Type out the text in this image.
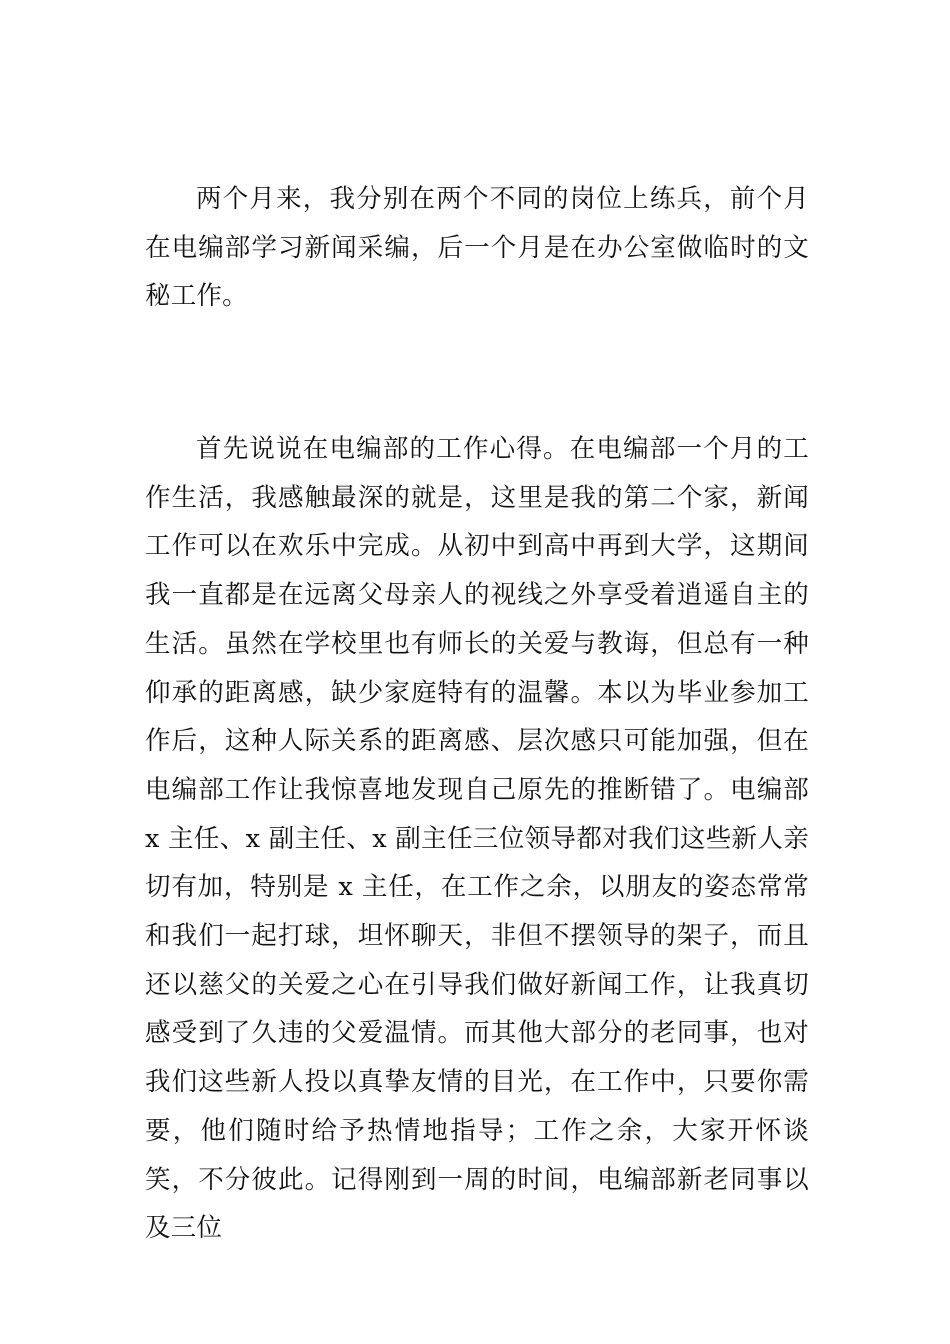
两个月来，我分别在两个不同的岗位上练兵，前个月在电编部学习新闻采编，后一个月是在办公室做临时的文秘工作。

首先说说在电编部的工作心得。在电编部一个月的工作生活，我感触最深的就是，这里是我的第二个家，新闻工作可以在欢乐中完成。从初中到高中再到大学，这期间我一直都是在远离父母亲人的视线之外享受着逍遥自主的生活。虽然在学校里也有师长的关爱与教诲，但总有一种仰承的距离感，缺少家庭特有的温馨。本以为毕业参加工作后，这种人际关系的距离感、层次感只可能加强，但在电编部工作让我惊喜地发现自己原先的推断错了。电编部 x 主任、x 副主任、x 副主任三位领导都对我们这些新人亲切有加，特别是 x 主任，在工作之余，以朋友的姿态常常和我们一起打球，坦怀聊天，非但不摆领导的架子，而且还以慈父的关爱之心在引导我们做好新闻工作，让我真切感受到了久违的父爱温情。而其他大部分的老同事，也对我们这些新人投以真挚友情的目光，在工作中，只要你需要，他们随时给予热情地指导；工作之余，大家开怀谈笑，不分彼此。记得刚到一周的时间，电编部新老同事以及三位
